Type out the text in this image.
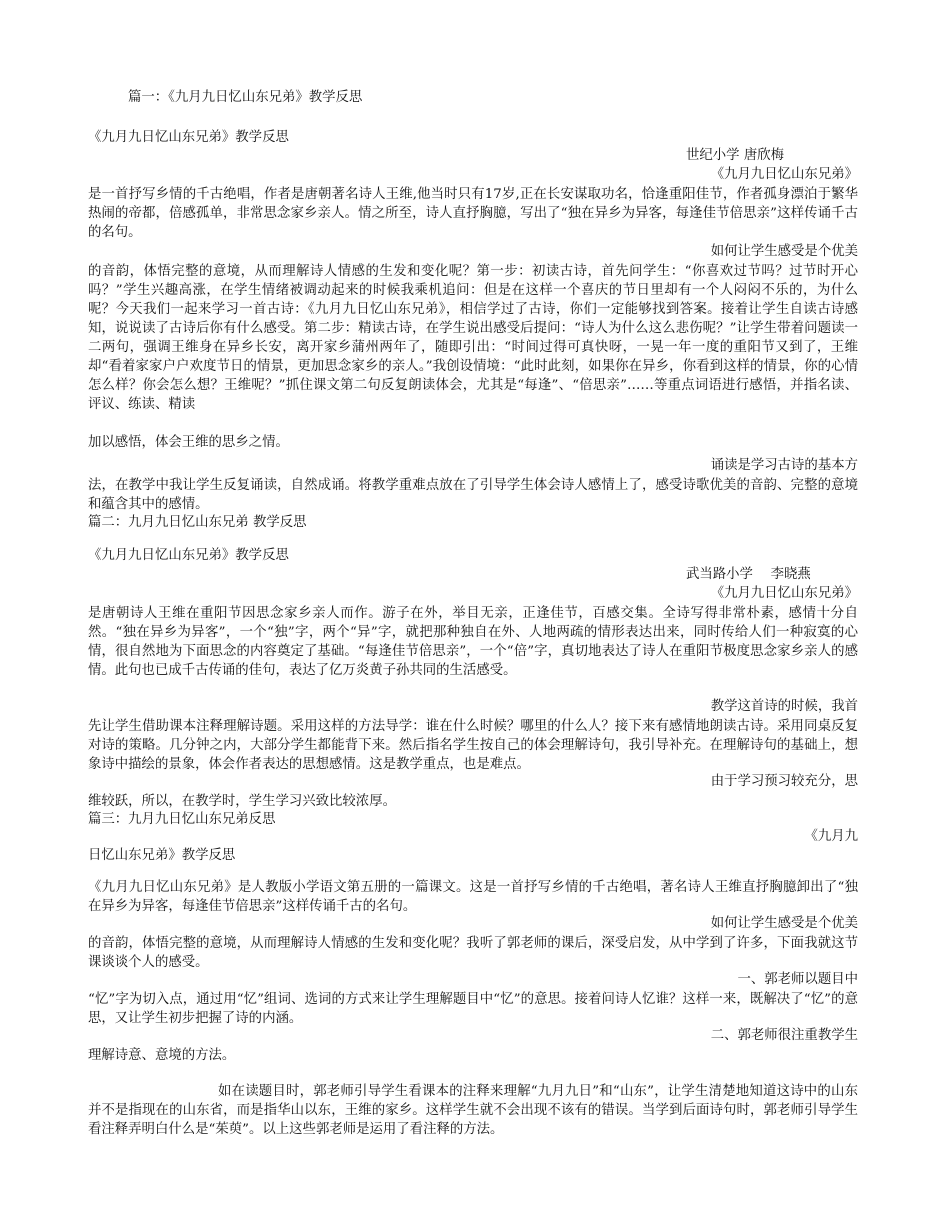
篇一：《九月九日忆山东兄弟》教学反思

《九月九日忆山东兄弟》教学反思

世纪小学 唐欣梅

《九月九日忆山东兄弟》

是一首抒写乡情的千古绝唱，作者是唐朝著名诗人王维,他当时只有17岁,正在长安谋取功名，恰逢重阳佳节，作者孤身漂泊于繁华热闹的帝都，倍感孤单，非常思念家乡亲人。情之所至，诗人直抒胸臆，写出了“独在异乡为异客，每逢佳节倍思亲”这样传诵千古的名句。

如何让学生感受是个优美

的音韵，体悟完整的意境，从而理解诗人情感的生发和变化呢？第一步：初读古诗，首先问学生：“你喜欢过节吗？过节时开心吗？”学生兴趣高涨，在学生情绪被调动起来的时候我乘机追问：但是在这样一个喜庆的节日里却有一个人闷闷不乐的，为什么呢？今天我们一起来学习一首古诗：《九月九日忆山东兄弟》，相信学过了古诗，你们一定能够找到答案。接着让学生自读古诗感知，说说读了古诗后你有什么感受。第二步：精读古诗，在学生说出感受后提问：“诗人为什么这么悲伤呢？”让学生带着问题读一二两句，强调王维身在异乡长安，离开家乡蒲州两年了，随即引出：“时间过得可真快呀，一晃一年一度的重阳节又到了，王维却“看着家家户户欢度节日的情景，更加思念家乡的亲人。”我创设情境：“此时此刻，如果你在异乡，你看到这样的情景，你的心情怎么样？你会怎么想？王维呢？”抓住课文第二句反复朗读体会，尤其是“每逢”、“倍思亲”……等重点词语进行感悟，并指名读、评议、练读、精读

加以感悟，体会王维的思乡之情。

诵读是学习古诗的基本方

法，在教学中我让学生反复诵读，自然成诵。将教学重难点放在了引导学生体会诗人感情上了，感受诗歌优美的音韵、完整的意境和蕴含其中的感情。

篇二：九月九日忆山东兄弟 教学反思

《九月九日忆山东兄弟》教学反思

武当路小学　 李晓燕

《九月九日忆山东兄弟》

是唐朝诗人王维在重阳节因思念家乡亲人而作。游子在外，举目无亲，正逢佳节，百感交集。全诗写得非常朴素，感情十分自然。“独在异乡为异客”，一个“独”字，两个“异”字，就把那种独自在外、人地两疏的情形表达出来，同时传给人们一种寂寞的心情，很自然地为下面思念的内容奠定了基础。“每逢佳节倍思亲”，一个“倍”字，真切地表达了诗人在重阳节极度思念家乡亲人的感情。此句也已成千古传诵的佳句，表达了亿万炎黄子孙共同的生活感受。

教学这首诗的时候，我首

先让学生借助课本注释理解诗题。采用这样的方法导学：谁在什么时候？哪里的什么人？接下来有感情地朗读古诗。采用同桌反复对诗的策略。几分钟之内，大部分学生都能背下来。然后指名学生按自己的体会理解诗句，我引导补充。在理解诗句的基础上，想象诗中描绘的景象，体会作者表达的思想感情。这是教学重点，也是难点。

由于学习预习较充分，思

维较跃，所以，在教学时，学生学习兴致比较浓厚。

篇三：九月九日忆山东兄弟反思

《九月九

日忆山东兄弟》教学反思

《九月九日忆山东兄弟》是人教版小学语文第五册的一篇课文。这是一首抒写乡情的千古绝唱，著名诗人王维直抒胸臆卸出了“独在异乡为异客，每逢佳节倍思亲”这样传诵千古的名句。

如何让学生感受是个优美

的音韵，体悟完整的意境，从而理解诗人情感的生发和变化呢？我听了郭老师的课后，深受启发，从中学到了许多，下面我就这节课谈谈个人的感受。

一、郭老师以题目中

“忆”字为切入点，通过用“忆”组词、选词的方式来让学生理解题目中“忆”的意思。接着问诗人忆谁？这样一来，既解决了“忆”的意思，又让学生初步把握了诗的内涵。

二、郭老师很注重教学生

理解诗意、意境的方法。

如在读题目时，郭老师引导学生看课本的注释来理解“九月九日”和“山东”，让学生清楚地知道这诗中的山东并不是指现在的山东省，而是指华山以东，王维的家乡。这样学生就不会出现不该有的错误。当学到后面诗句时，郭老师引导学生看注释弄明白什么是“茱萸”。以上这些郭老师是运用了看注释的方法。
